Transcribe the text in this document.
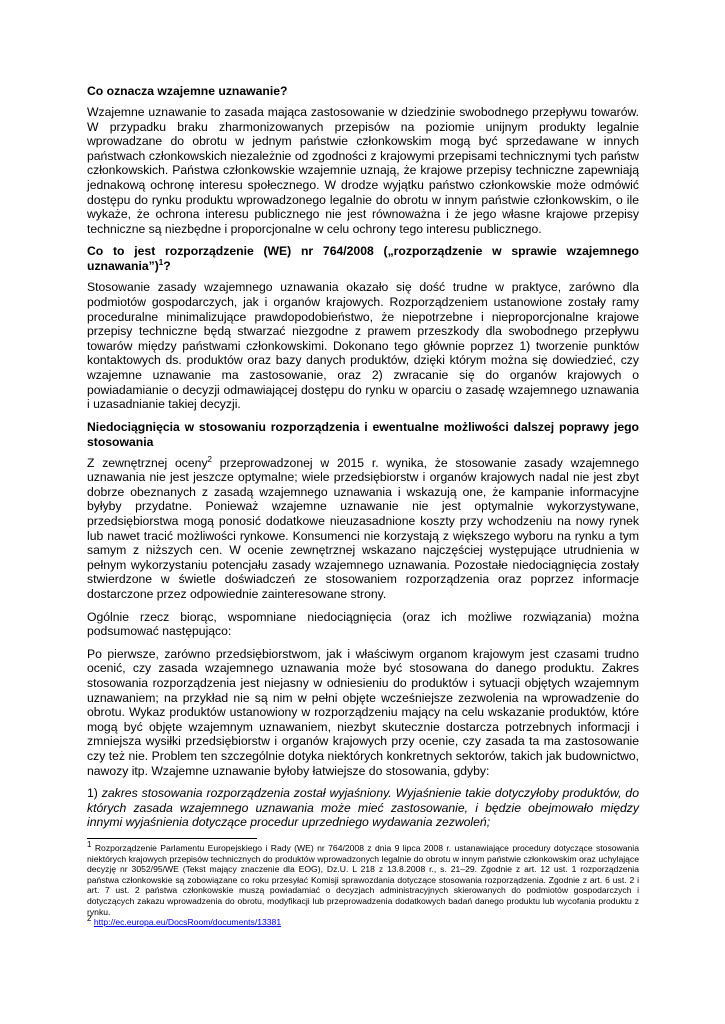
Co oznacza wzajemne uznawanie?

Wzajemne uznawanie to zasada mająca zastosowanie w dziedzinie swobodnego przepływu towarów. W przypadku braku zharmonizowanych przepisów na poziomie unijnym produkty legalnie wprowadzane do obrotu w jednym państwie członkowskim mogą być sprzedawane w innych państwach członkowskich niezależnie od zgodności z krajowymi przepisami technicznymi tych państw członkowskich. Państwa członkowskie wzajemnie uznają, że krajowe przepisy techniczne zapewniają jednakową ochronę interesu społecznego. W drodze wyjątku państwo członkowskie może odmówić dostępu do rynku produktu wprowadzonego legalnie do obrotu w innym państwie członkowskim, o ile wykaże, że ochrona interesu publicznego nie jest równoważna i że jego własne krajowe przepisy techniczne są niezbędne i proporcjonalne w celu ochrony tego interesu publicznego.

Co to jest rozporządzenie (WE) nr 764/2008 („rozporządzenie w sprawie wzajemnego uznawania”)$^1$?

Stosowanie zasady wzajemnego uznawania okazało się dość trudne w praktyce, zarówno dla podmiotów gospodarczych, jak i organów krajowych. Rozporządzeniem ustanowione zostały ramy proceduralne minimalizujące prawdopodobieństwo, że niepotrzebne i nieproporcjonalne krajowe przepisy techniczne będą stwarzać niezgodne z prawem przeszkody dla swobodnego przepływu towarów między państwami członkowskimi. Dokonano tego głównie poprzez 1) tworzenie punktów kontaktowych ds. produktów oraz bazy danych produktów, dzięki którym można się dowiedzieć, czy wzajemne uznawanie ma zastosowanie, oraz 2) zwracanie się do organów krajowych o powiadamianie o decyzji odmawiającej dostępu do rynku w oparciu o zasadę wzajemnego uznawania i uzasadnianie takiej decyzji.

Niedociągnięcia w stosowaniu rozporządzenia i ewentualne możliwości dalszej poprawy jego stosowania

Z zewnętrznej oceny$^2$ przeprowadzonej w 2015 r. wynika, że stosowanie zasady wzajemnego uznawania nie jest jeszcze optymalne; wiele przedsiębiorstw i organów krajowych nadal nie jest zbyt dobrze obeznanych z zasadą wzajemnego uznawania i wskazują one, że kampanie informacyjne byłyby przydatne. Ponieważ wzajemne uznawanie nie jest optymalnie wykorzystywane, przedsiębiorstwa mogą ponosić dodatkowe nieuzasadnione koszty przy wchodzeniu na nowy rynek lub nawet tracić możliwości rynkowe. Konsumenci nie korzystają z większego wyboru na rynku a tym samym z niższych cen. W ocenie zewnętrznej wskazano najczęściej występujące utrudnienia w pełnym wykorzystaniu potencjału zasady wzajemnego uznawania. Pozostałe niedociągnięcia zostały stwierdzone w świetle doświadczeń ze stosowaniem rozporządzenia oraz poprzez informacje dostarczone przez odpowiednie zainteresowane strony.

Ogólnie rzecz biorąc, wspomniane niedociągnięcia (oraz ich możliwe rozwiązania) można podsumować następująco:

Po pierwsze, zarówno przedsiębiorstwom, jak i właściwym organom krajowym jest czasami trudno ocenić, czy zasada wzajemnego uznawania może być stosowana do danego produktu. Zakres stosowania rozporządzenia jest niejasny w odniesieniu do produktów i sytuacji objętych wzajemnym uznawaniem; na przykład nie są nim w pełni objęte wcześniejsze zezwolenia na wprowadzenie do obrotu. Wykaz produktów ustanowiony w rozporządzeniu mający na celu wskazanie produktów, które mogą być objęte wzajemnym uznawaniem, niezbyt skutecznie dostarcza potrzebnych informacji i zmniejsza wysiłki przedsiębiorstw i organów krajowych przy ocenie, czy zasada ta ma zastosowanie czy też nie. Problem ten szczególnie dotyka niektórych konkretnych sektorów, takich jak budownictwo, nawozy itp. Wzajemne uznawanie byłoby łatwiejsze do stosowania, gdyby:

1) zakres stosowania rozporządzenia został wyjaśniony. Wyjaśnienie takie dotyczyłoby produktów, do których zasada wzajemnego uznawania może mieć zastosowanie, i będzie obejmowało między innymi wyjaśnienia dotyczące procedur uprzedniego wydawania zezwoleń;

$^1$ Rozporządzenie Parlamentu Europejskiego i Rady (WE) nr 764/2008 z dnia 9 lipca 2008 r. ustanawiające procedury dotyczące stosowania niektórych krajowych przepisów technicznych do produktów wprowadzonych legalnie do obrotu w innym państwie członkowskim oraz uchylające decyzję nr 3052/95/WE (Tekst mający znaczenie dla EOG), Dz.U. L 218 z 13.8.2008 r., s. 21–29. Zgodnie z art. 12 ust. 1 rozporządzenia państwa członkowskie są zobowiązane co roku przesyłać Komisji sprawozdania dotyczące stosowania rozporządzenia. Zgodnie z art. 6 ust. 2 i art. 7 ust. 2 państwa członkowskie muszą powiadamiać o decyzjach administracyjnych skierowanych do podmiotów gospodarczych i dotyczących zakazu wprowadzenia do obrotu, modyfikacji lub przeprowadzenia dodatkowych badań danego produktu lub wycofania produktu z rynku.

$^2$ http://ec.europa.eu/DocsRoom/documents/13381
